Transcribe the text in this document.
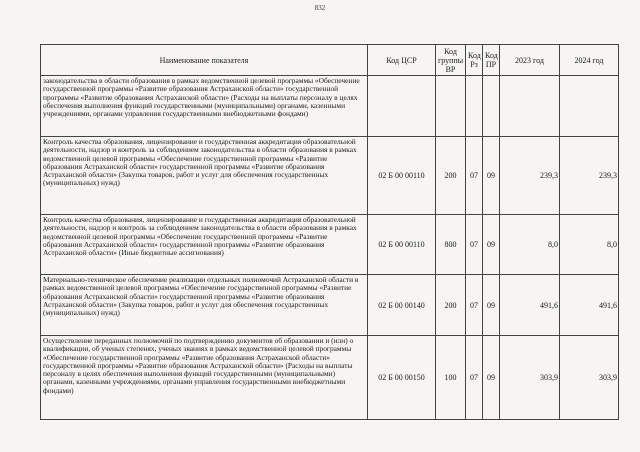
832
Наименование показателя	Код ЦСР	Код группы ВР	Код Рз	Код ПР	2023 год	2024 год
законодательства в области образования в рамках ведомственной целевой программы «Обеспечение государственной программы «Развитие образования Астраханской области» государственной программы «Развитие образования Астраханской области» (Расходы на выплаты персоналу в целях обеспечения выполнения функций государственными (муниципальными) органами, казенными учреждениями, органами управления государственными внебюджетными фондами)						
Контроль качества образования, лицензирование и государственная аккредитация образовательной деятельности, надзор и контроль за соблюдением законодательства в области образования в рамках ведомственной целевой программы «Обеспечение государственной программы «Развитие образования Астраханской области» государственной программы «Развитие образования Астраханской области» (Закупка товаров, работ и услуг для обеспечения государственных (муниципальных) нужд)	02 Б 00 00110	200	07	09	239,3	239,3
Контроль качества образования, лицензирование и государственная аккредитация образовательной деятельности, надзор и контроль за соблюдением законодательства в области образования в рамках ведомственной целевой программы «Обеспечение государственной программы «Развитие образования Астраханской области» государственной программы «Развитие образования Астраханской области» (Иные бюджетные ассигнования)	02 Б 00 00110	800	07	09	8,0	8,0
Материально-техническое обеспечение реализации отдельных полномочий Астраханской области в рамках ведомственной целевой программы «Обеспечение государственной программы «Развитие образования Астраханской области» государственной программы «Развитие образования Астраханской области» (Закупка товаров, работ и услуг для обеспечения государственных (муниципальных) нужд)	02 Б 00 00140	200	07	09	491,6	491,6
Осуществление переданных полномочий по подтверждению документов об образовании и (или) о квалификации, об ученых степенях, ученых званиях в рамках ведомственной целевой программы «Обеспечение государственной программы «Развитие образования Астраханской области» государственной программы «Развитие образования Астраханской области» (Расходы на выплаты персоналу в целях обеспечения выполнения функций государственными (муниципальными) органами, казенными учреждениями, органами управления государственными внебюджетными фондами)	02 Б 00 00150	100	07	09	303,9	303,9
